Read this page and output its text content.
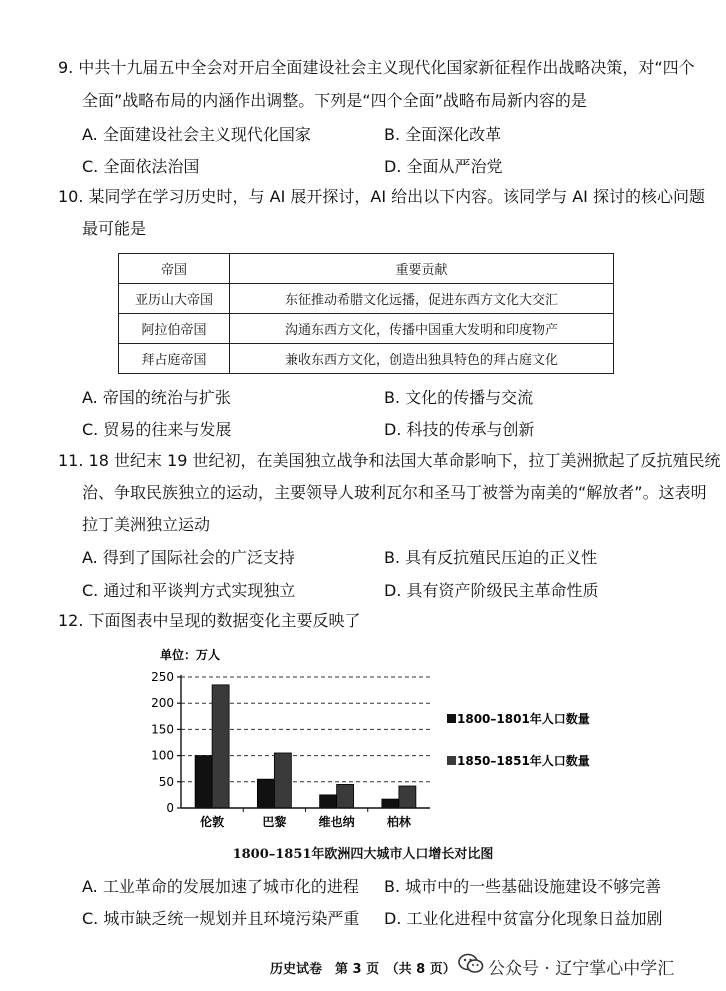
9. 中共十九届五中全会对开启全面建设社会主义现代化国家新征程作出战略决策，对“四个
全面”战略布局的内涵作出调整。下列是“四个全面”战略布局新内容的是
A. 全面建设社会主义现代化国家	B. 全面深化改革
C. 全面依法治国	D. 全面从严治党
10. 某同学在学习历史时，与 AI 展开探讨，AI 给出以下内容。该同学与 AI 探讨的核心问题
最可能是
帝国	重要贡献
亚历山大帝国	东征推动希腊文化远播，促进东西方文化大交汇
阿拉伯帝国	沟通东西方文化，传播中国重大发明和印度物产
拜占庭帝国	兼收东西方文化，创造出独具特色的拜占庭文化
A. 帝国的统治与扩张	B. 文化的传播与交流
C. 贸易的往来与发展	D. 科技的传承与创新
11. 18 世纪末 19 世纪初，在美国独立战争和法国大革命影响下，拉丁美洲掀起了反抗殖民统
治、争取民族独立的运动，主要领导人玻利瓦尔和圣马丁被誉为南美的“解放者”。这表明
拉丁美洲独立运动
A. 得到了国际社会的广泛支持	B. 具有反抗殖民压迫的正义性
C. 通过和平谈判方式实现独立	D. 具有资产阶级民主革命性质
12. 下面图表中呈现的数据变化主要反映了
单位：万人
0
50
100
150
200
250
伦敦	巴黎	维也纳	柏林
1800–1801年人口数量
1850–1851年人口数量
1800–1851年欧洲四大城市人口增长对比图
A. 工业革命的发展加速了城市化的进程 B. 城市中的一些基础设施建设不够完善
C. 城市缺乏统一规划并且环境污染严重 D. 工业化进程中贫富分化现象日益加剧
历史试卷　第 3 页　（共 8 页） 公众号 · 辽宁掌心中学汇
